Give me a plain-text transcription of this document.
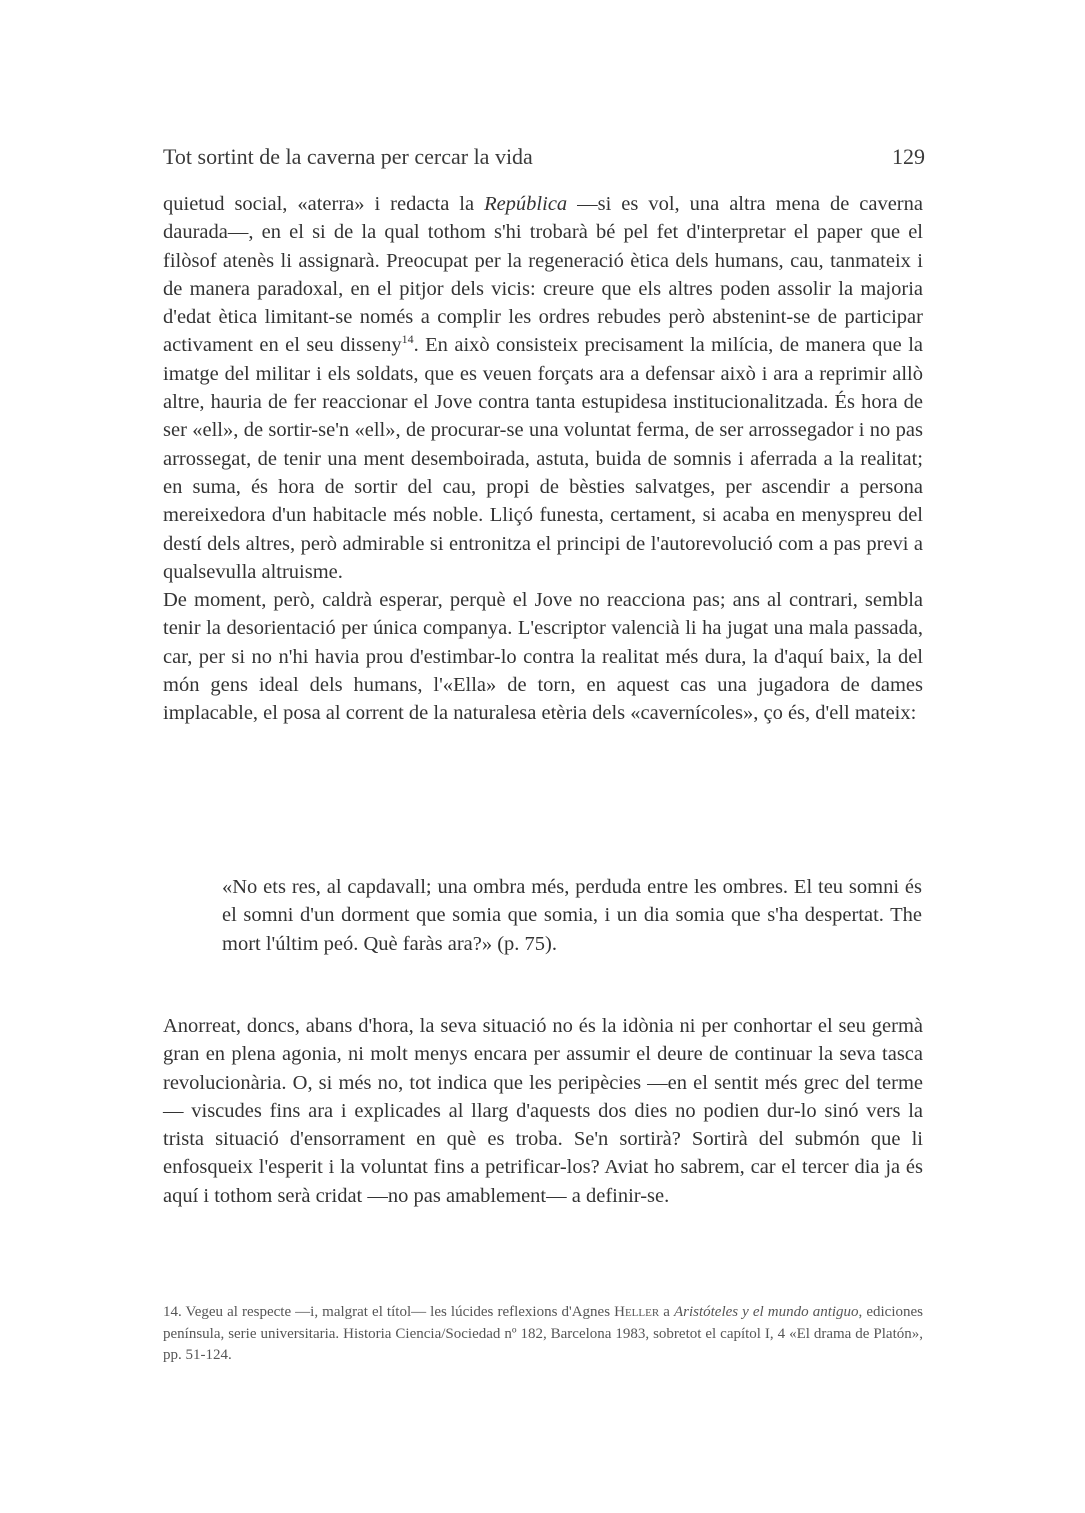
Tot sortint de la caverna per cercar la vida	129

quietud social, «aterra» i redacta la República —si es vol, una altra mena de caverna daurada—, en el si de la qual tothom s'hi trobarà bé pel fet d'interpretar el paper que el filòsof atenès li assignarà. Preocupat per la regeneració ètica dels humans, cau, tanmateix i de manera paradoxal, en el pitjor dels vicis: creure que els altres poden assolir la majoria d'edat ètica limitant-se només a complir les ordres rebudes però abstenint-se de participar activament en el seu disseny$^{14}$. En això consisteix precisament la milícia, de manera que la imatge del militar i els soldats, que es veuen forçats ara a defensar això i ara a reprimir allò altre, hauria de fer reaccionar el Jove contra tanta estupidesa institucionalitzada. És hora de ser «ell», de sortir-se'n «ell», de procurar-se una voluntat ferma, de ser arrossegador i no pas arrossegat, de tenir una ment desemboirada, astuta, buida de somnis i aferrada a la realitat; en suma, és hora de sortir del cau, propi de bèsties salvatges, per ascendir a persona mereixedora d'un habitacle més noble. Lliçó funesta, certament, si acaba en menyspreu del destí dels altres, però admirable si entronitza el principi de l'autorevolució com a pas previ a qualsevulla altruisme.

De moment, però, caldrà esperar, perquè el Jove no reacciona pas; ans al contrari, sembla tenir la desorientació per única companya. L'escriptor valencià li ha jugat una mala passada, car, per si no n'hi havia prou d'estimbar-lo contra la realitat més dura, la d'aquí baix, la del món gens ideal dels humans, l'«Ella» de torn, en aquest cas una jugadora de dames implacable, el posa al corrent de la naturalesa etèria dels «cavernícoles», ço és, d'ell mateix:

«No ets res, al capdavall; una ombra més, perduda entre les ombres. El teu somni és el somni d'un dorment que somia que somia, i un dia somia que s'ha despertat. The mort l'últim peó. Què faràs ara?» (p. 75).

Anorreat, doncs, abans d'hora, la seva situació no és la idònia ni per conhortar el seu germà gran en plena agonia, ni molt menys encara per assumir el deure de continuar la seva tasca revolucionària. O, si més no, tot indica que les peripècies —en el sentit més grec del terme— viscudes fins ara i explicades al llarg d'aquests dos dies no podien dur-lo sinó vers la trista situació d'ensorrament en què es troba. Se'n sortirà? Sortirà del submón que li enfosqueix l'esperit i la voluntat fins a petrificar-los? Aviat ho sabrem, car el tercer dia ja és aquí i tothom serà cridat —no pas amablement— a definir-se.

14. Vegeu al respecte —i, malgrat el títol— les lúcides reflexions d'Agnes Heller a Aristóteles y el mundo antiguo, ediciones península, serie universitaria. Historia Ciencia/Sociedad nº 182, Barcelona 1983, sobretot el capítol I, 4 «El drama de Platón», pp. 51-124.
